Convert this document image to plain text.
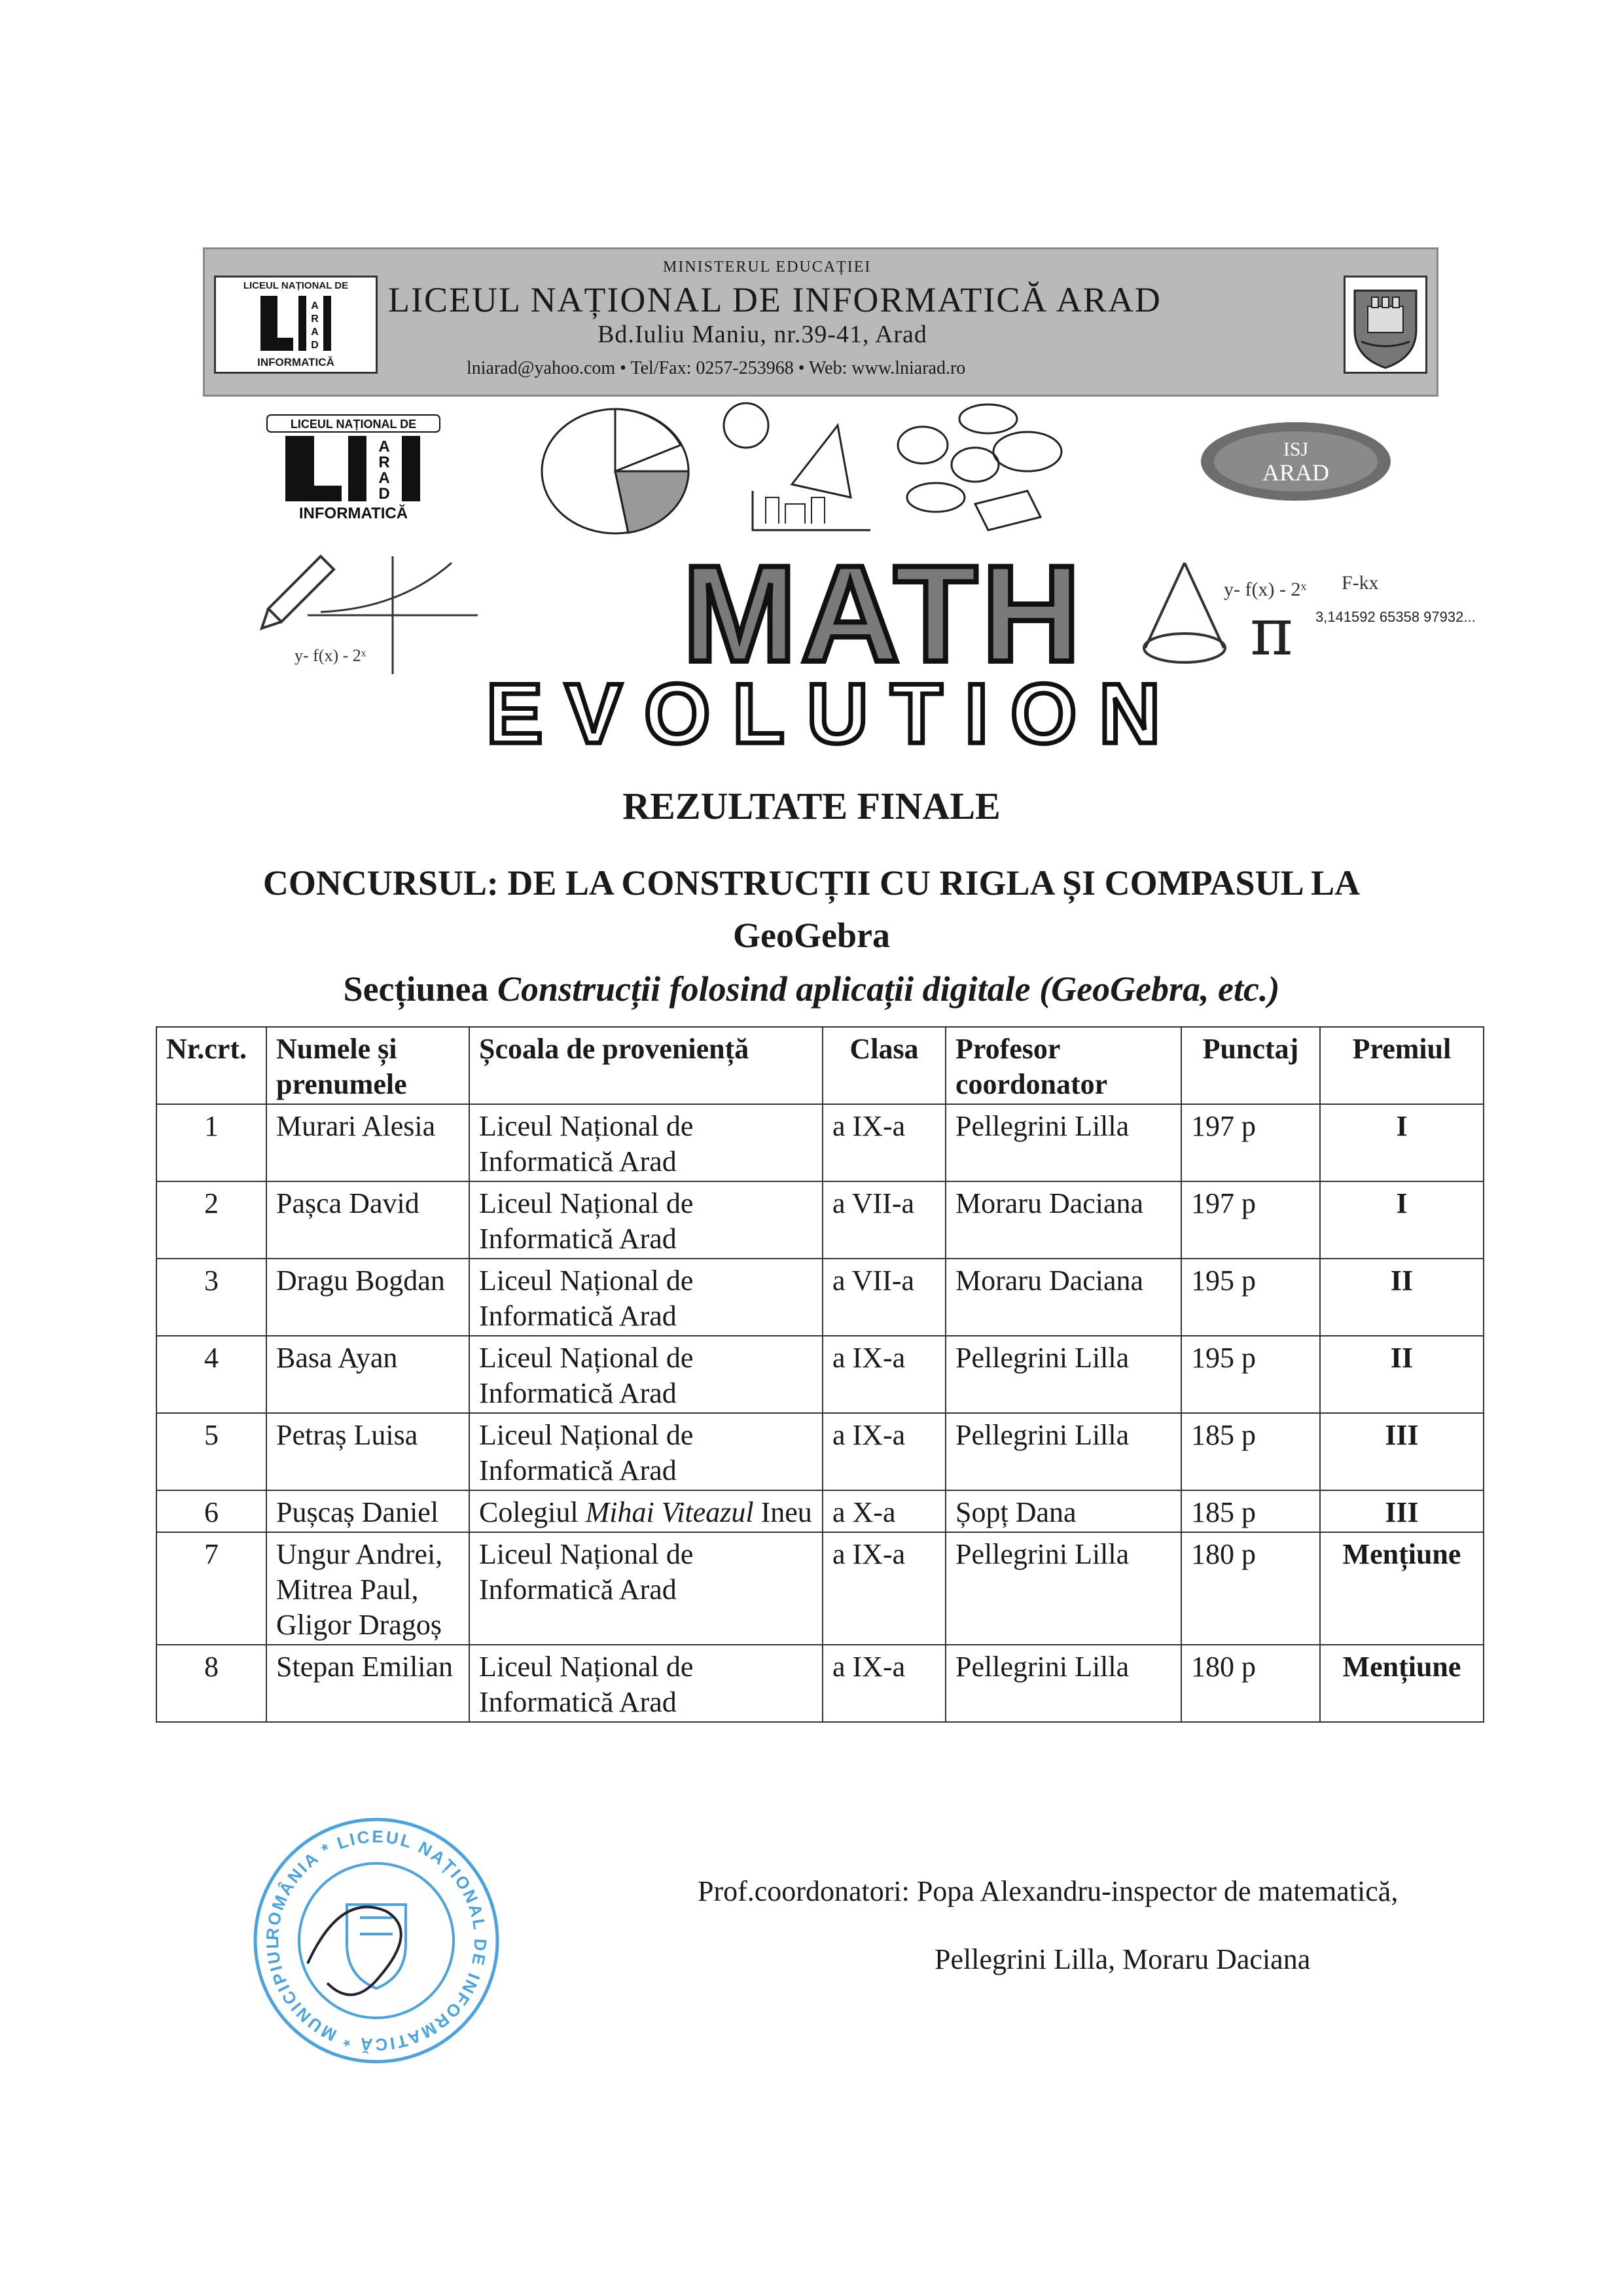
LICEUL NAȚIONAL DE
A
R
A
D
INFORMATICĂ
MINISTERUL EDUCAȚIEI
LICEUL NAȚIONAL DE INFORMATICĂ ARAD
Bd.Iuliu Maniu, nr.39-41, Arad
lniarad@yahoo.com • Tel/Fax: 0257-253968 • Web: www.lniarad.ro
LICEUL NAȚIONAL DE
A
R
A
D
INFORMATICĂ
ISJ
ARAD
y- f(x) - 2ˣ MATH	y- f(x) - 2ˣ F-kx
π 3,141592 65358 97932...
EVOLUTION
REZULTATE FINALE
CONCURSUL: DE LA CONSTRUCȚII CU RIGLA ȘI COMPASUL LA
GeoGebra
Secțiunea Construcții folosind aplicații digitale (GeoGebra, etc.)
Nr.crt.	Numele și prenumele	Școala de proveniență	Clasa	Profesor coordonator	Punctaj	Premiul
1	Murari Alesia	Liceul Național de Informatică Arad	a IX-a	Pellegrini Lilla	197 p	I
2	Pașca David	Liceul Național de Informatică Arad	a VII-a	Moraru Daciana	197 p	I
3	Dragu Bogdan	Liceul Național de Informatică Arad	a VII-a	Moraru Daciana	195 p	II
4	Basa Ayan	Liceul Național de Informatică Arad	a IX-a	Pellegrini Lilla	195 p	II
5	Petraș Luisa	Liceul Național de Informatică Arad	a IX-a	Pellegrini Lilla	185 p	III
6	Pușcaș Daniel	Colegiul Mihai Viteazul Ineu	a X-a	Șopț Dana	185 p	III
7	Ungur Andrei, Mitrea Paul, Gligor Dragoș	Liceul Național de Informatică Arad	a IX-a	Pellegrini Lilla	180 p	Mențiune
8	Stepan Emilian	Liceul Național de Informatică Arad	a IX-a	Pellegrini Lilla	180 p	Mențiune
ROMÂNIA * LICEUL NAȚIONAL DE INFORMATICĂ * MUNICIPIUL
Prof.coordonatori: Popa Alexandru-inspector de matematică,
Pellegrini Lilla, Moraru Daciana
